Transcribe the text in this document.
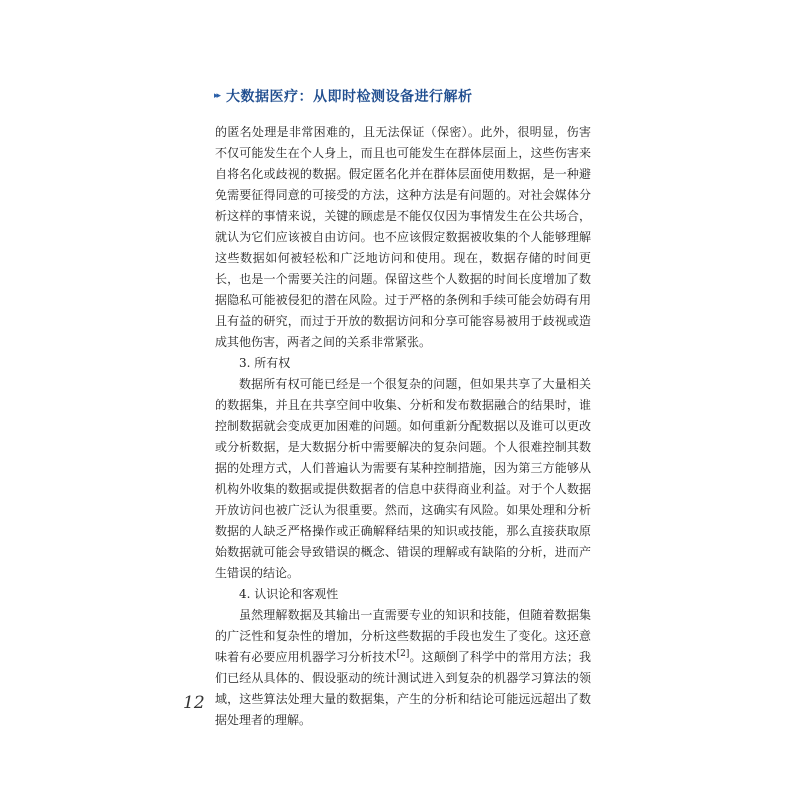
▸▸ 大数据医疗：从即时检测设备进行解析

的匿名处理是非常困难的，且无法保证（保密）。此外，很明显，伤害不仅可能发生在个人身上，而且也可能发生在群体层面上，这些伤害来自将名化或歧视的数据。假定匿名化并在群体层面使用数据，是一种避免需要征得同意的可接受的方法，这种方法是有问题的。对社会媒体分析这样的事情来说，关键的顾虑是不能仅仅因为事情发生在公共场合，就认为它们应该被自由访问。也不应该假定数据被收集的个人能够理解这些数据如何被轻松和广泛地访问和使用。现在，数据存储的时间更长，也是一个需要关注的问题。保留这些个人数据的时间长度增加了数据隐私可能被侵犯的潜在风险。过于严格的条例和手续可能会妨碍有用且有益的研究，而过于开放的数据访问和分享可能容易被用于歧视或造成其他伤害，两者之间的关系非常紧张。

3. 所有权

数据所有权可能已经是一个很复杂的问题，但如果共享了大量相关的数据集，并且在共享空间中收集、分析和发布数据融合的结果时，谁控制数据就会变成更加困难的问题。如何重新分配数据以及谁可以更改或分析数据，是大数据分析中需要解决的复杂问题。个人很难控制其数据的处理方式，人们普遍认为需要有某种控制措施，因为第三方能够从机构外收集的数据或提供数据者的信息中获得商业利益。对于个人数据开放访问也被广泛认为很重要。然而，这确实有风险。如果处理和分析数据的人缺乏严格操作或正确解释结果的知识或技能，那么直接获取原始数据就可能会导致错误的概念、错误的理解或有缺陷的分析，进而产生错误的结论。

4. 认识论和客观性

虽然理解数据及其输出一直需要专业的知识和技能，但随着数据集的广泛性和复杂性的增加，分析这些数据的手段也发生了变化。这还意味着有必要应用机器学习分析技术[2]。这颠倒了科学中的常用方法；我们已经从具体的、假设驱动的统计测试进入到复杂的机器学习算法的领域，这些算法处理大量的数据集，产生的分析和结论可能远远超出了数据处理者的理解。

12
